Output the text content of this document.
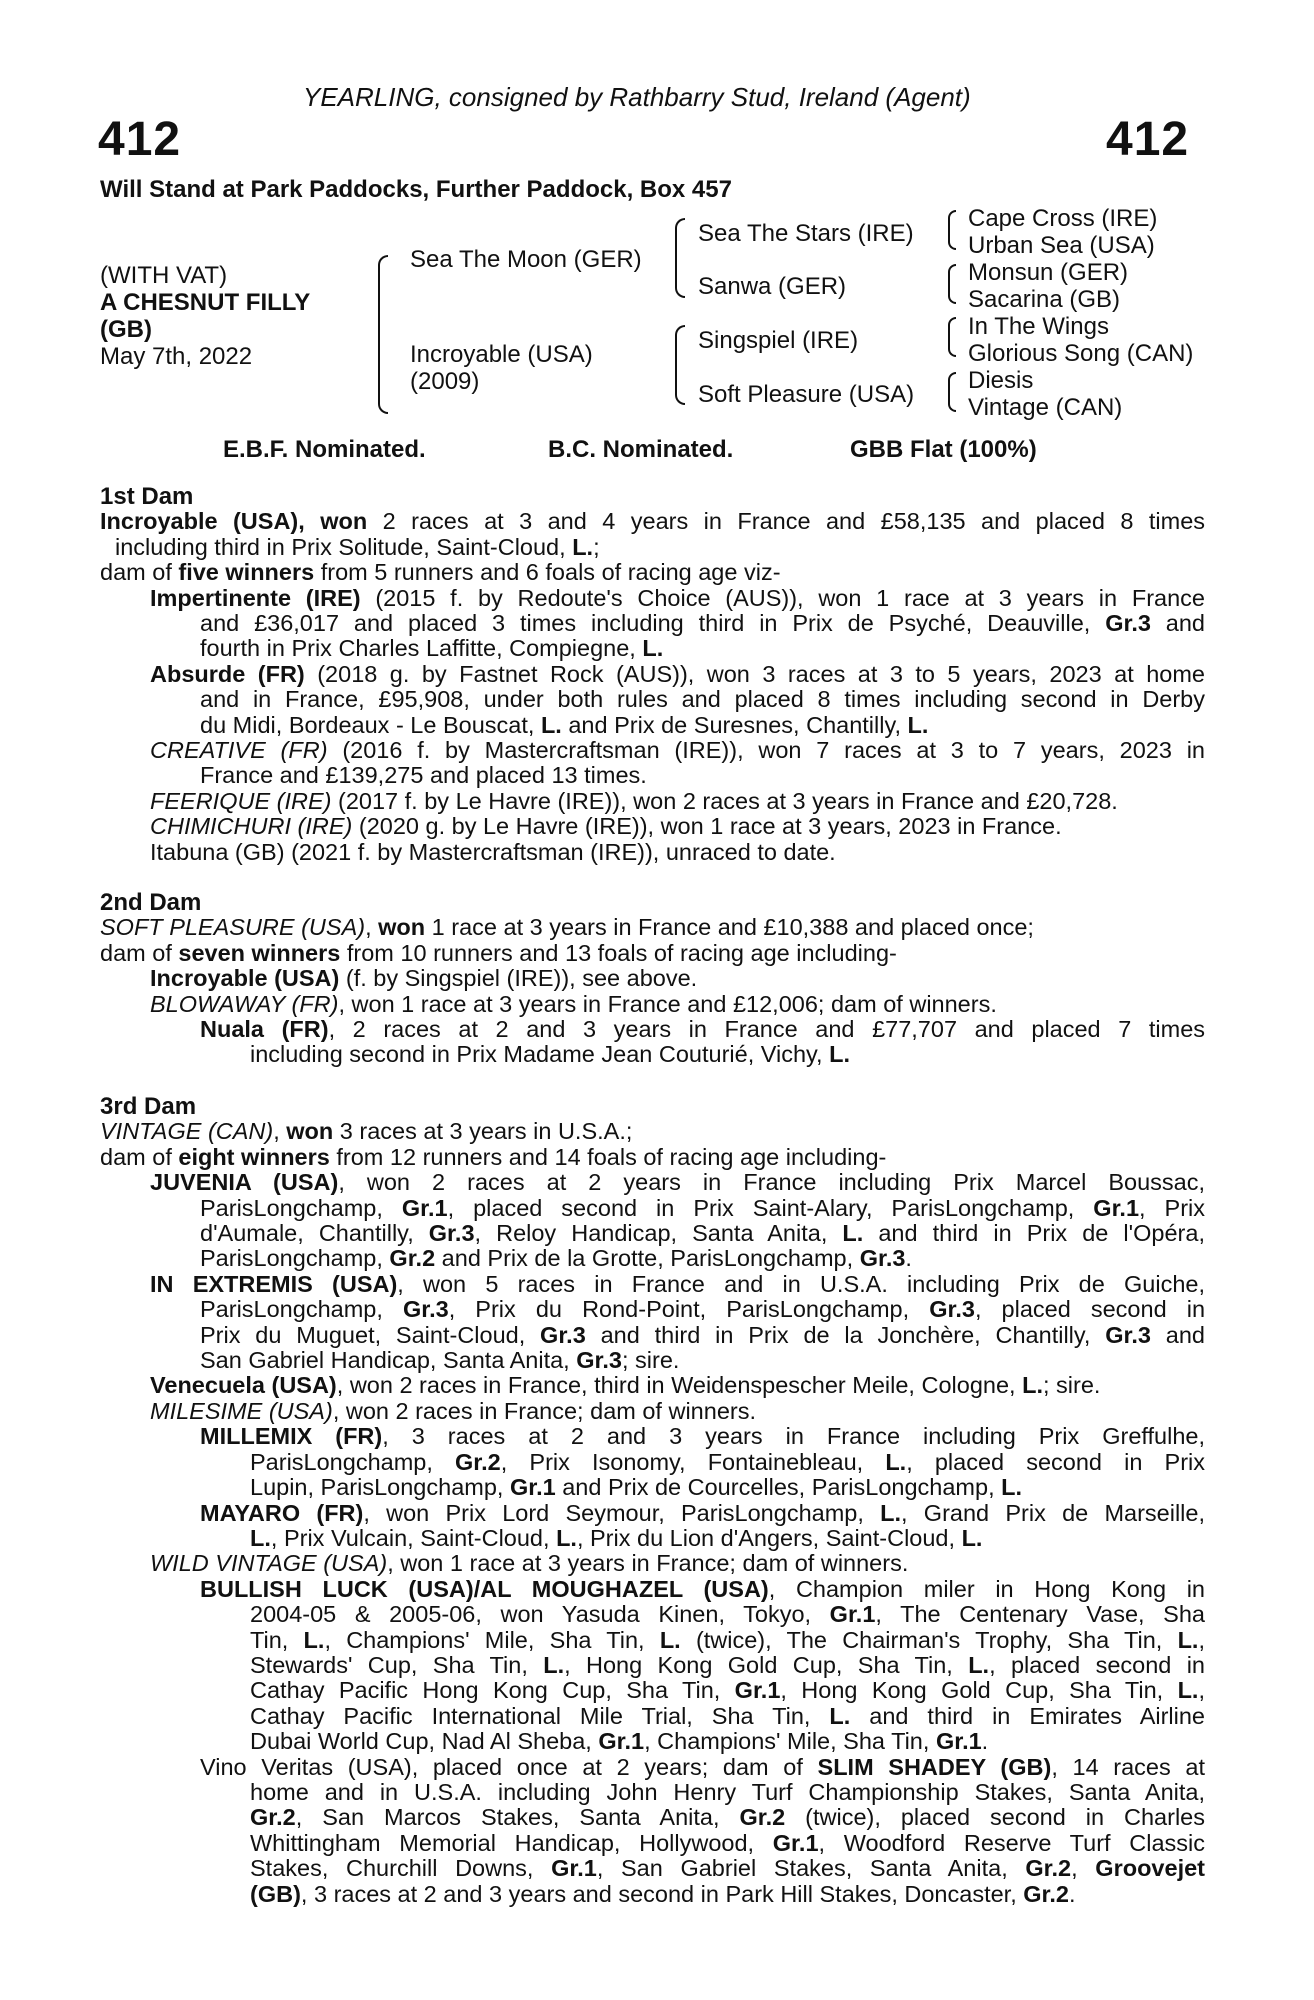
YEARLING, consigned by Rathbarry Stud, Ireland (Agent)
412	412
Will Stand at Park Paddocks, Further Paddock, Box 457
(WITH VAT)
A CHESNUT FILLY
(GB)
May 7th, 2022
Sea The Moon (GER)
Incroyable (USA)
(2009)
Sea The Stars (IRE)
Sanwa (GER)
Singspiel (IRE)
Soft Pleasure (USA)
Cape Cross (IRE)
Urban Sea (USA)
Monsun (GER)
Sacarina (GB)
In The Wings
Glorious Song (CAN)
Diesis
Vintage (CAN)
E.B.F. Nominated.	B.C. Nominated.	GBB Flat (100%)
1st Dam
Incroyable (USA), won 2 races at 3 and 4 years in France and £58,135 and placed 8 times
including third in Prix Solitude, Saint-Cloud, L.;
dam of five winners from 5 runners and 6 foals of racing age viz-
Impertinente (IRE) (2015 f. by Redoute's Choice (AUS)), won 1 race at 3 years in France
and £36,017 and placed 3 times including third in Prix de Psyché, Deauville, Gr.3 and
fourth in Prix Charles Laffitte, Compiegne, L.
Absurde (FR) (2018 g. by Fastnet Rock (AUS)), won 3 races at 3 to 5 years, 2023 at home
and in France, £95,908, under both rules and placed 8 times including second in Derby
du Midi, Bordeaux - Le Bouscat, L. and Prix de Suresnes, Chantilly, L.
CREATIVE (FR) (2016 f. by Mastercraftsman (IRE)), won 7 races at 3 to 7 years, 2023 in
France and £139,275 and placed 13 times.
FEERIQUE (IRE) (2017 f. by Le Havre (IRE)), won 2 races at 3 years in France and £20,728.
CHIMICHURI (IRE) (2020 g. by Le Havre (IRE)), won 1 race at 3 years, 2023 in France.
Itabuna (GB) (2021 f. by Mastercraftsman (IRE)), unraced to date.
2nd Dam
SOFT PLEASURE (USA), won 1 race at 3 years in France and £10,388 and placed once;
dam of seven winners from 10 runners and 13 foals of racing age including-
Incroyable (USA) (f. by Singspiel (IRE)), see above.
BLOWAWAY (FR), won 1 race at 3 years in France and £12,006; dam of winners.
Nuala (FR), 2 races at 2 and 3 years in France and £77,707 and placed 7 times
including second in Prix Madame Jean Couturié, Vichy, L.
3rd Dam
VINTAGE (CAN), won 3 races at 3 years in U.S.A.;
dam of eight winners from 12 runners and 14 foals of racing age including-
JUVENIA (USA), won 2 races at 2 years in France including Prix Marcel Boussac,
ParisLongchamp, Gr.1, placed second in Prix Saint-Alary, ParisLongchamp, Gr.1, Prix
d'Aumale, Chantilly, Gr.3, Reloy Handicap, Santa Anita, L. and third in Prix de l'Opéra,
ParisLongchamp, Gr.2 and Prix de la Grotte, ParisLongchamp, Gr.3.
IN EXTREMIS (USA), won 5 races in France and in U.S.A. including Prix de Guiche,
ParisLongchamp, Gr.3, Prix du Rond-Point, ParisLongchamp, Gr.3, placed second in
Prix du Muguet, Saint-Cloud, Gr.3 and third in Prix de la Jonchère, Chantilly, Gr.3 and
San Gabriel Handicap, Santa Anita, Gr.3; sire.
Venecuela (USA), won 2 races in France, third in Weidenspescher Meile, Cologne, L.; sire.
MILESIME (USA), won 2 races in France; dam of winners.
MILLEMIX (FR), 3 races at 2 and 3 years in France including Prix Greffulhe,
ParisLongchamp, Gr.2, Prix Isonomy, Fontainebleau, L., placed second in Prix
Lupin, ParisLongchamp, Gr.1 and Prix de Courcelles, ParisLongchamp, L.
MAYARO (FR), won Prix Lord Seymour, ParisLongchamp, L., Grand Prix de Marseille,
L., Prix Vulcain, Saint-Cloud, L., Prix du Lion d'Angers, Saint-Cloud, L.
WILD VINTAGE (USA), won 1 race at 3 years in France; dam of winners.
BULLISH LUCK (USA)/AL MOUGHAZEL (USA), Champion miler in Hong Kong in
2004-05 & 2005-06, won Yasuda Kinen, Tokyo, Gr.1, The Centenary Vase, Sha
Tin, L., Champions' Mile, Sha Tin, L. (twice), The Chairman's Trophy, Sha Tin, L.,
Stewards' Cup, Sha Tin, L., Hong Kong Gold Cup, Sha Tin, L., placed second in
Cathay Pacific Hong Kong Cup, Sha Tin, Gr.1, Hong Kong Gold Cup, Sha Tin, L.,
Cathay Pacific International Mile Trial, Sha Tin, L. and third in Emirates Airline
Dubai World Cup, Nad Al Sheba, Gr.1, Champions' Mile, Sha Tin, Gr.1.
Vino Veritas (USA), placed once at 2 years; dam of SLIM SHADEY (GB), 14 races at
home and in U.S.A. including John Henry Turf Championship Stakes, Santa Anita,
Gr.2, San Marcos Stakes, Santa Anita, Gr.2 (twice), placed second in Charles
Whittingham Memorial Handicap, Hollywood, Gr.1, Woodford Reserve Turf Classic
Stakes, Churchill Downs, Gr.1, San Gabriel Stakes, Santa Anita, Gr.2, Groovejet
(GB), 3 races at 2 and 3 years and second in Park Hill Stakes, Doncaster, Gr.2.
